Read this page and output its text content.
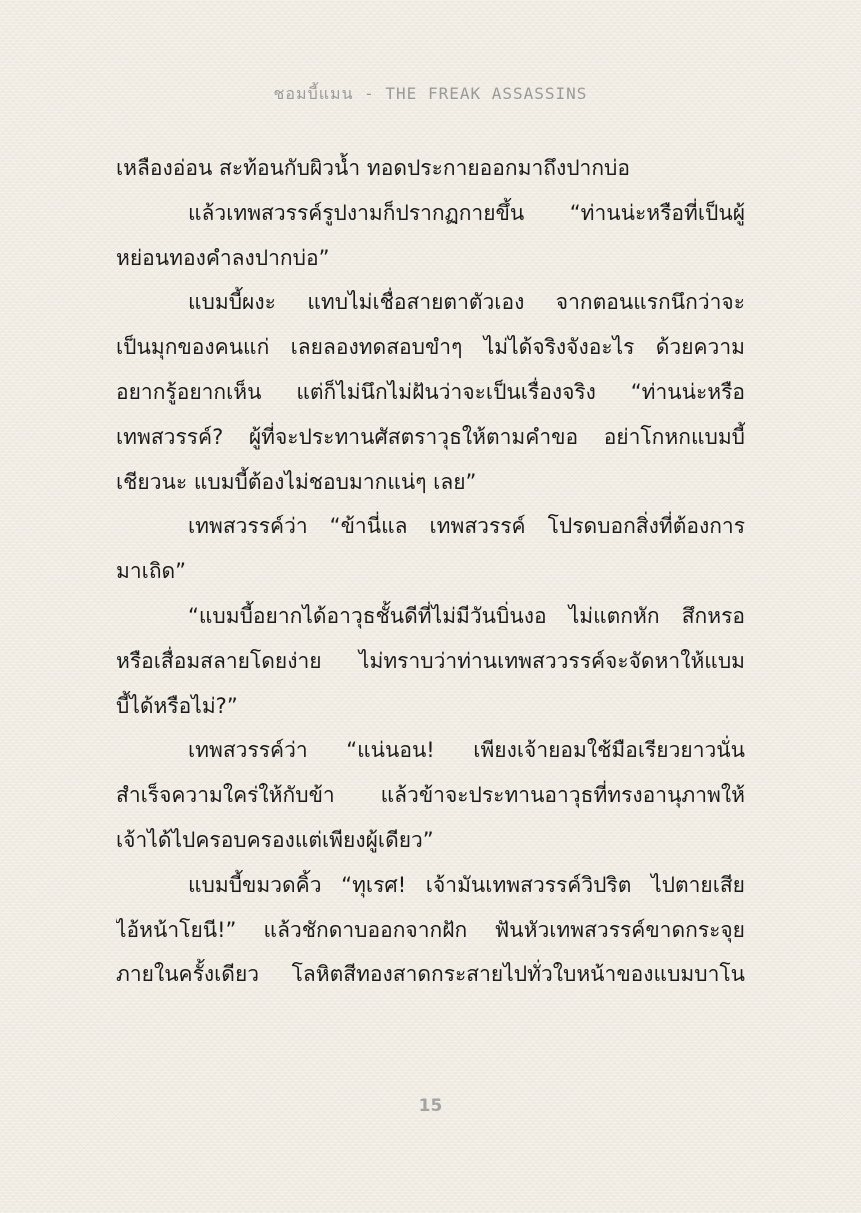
ชอมบี้แมน - THE FREAK ASSASSINS
เหลืองอ่อน สะท้อนกับผิวน้ำ ทอดประกายออกมาถึงปากบ่อ
แล้วเทพสวรรค์รูปงามก็ปรากฏกายขึ้น “ท่านน่ะหรือที่เป็นผู้
หย่อนทองคำลงปากบ่อ”
แบมบี้ผงะ แทบไม่เชื่อสายตาตัวเอง จากตอนแรกนึกว่าจะ
เป็นมุกของคนแก่ เลยลองทดสอบขำๆ ไม่ได้จริงจังอะไร ด้วยความ
อยากรู้อยากเห็น แต่ก็ไม่นึกไม่ฝันว่าจะเป็นเรื่องจริง “ท่านน่ะหรือ
เทพสวรรค์? ผู้ที่จะประทานศัสตราวุธให้ตามคำขอ อย่าโกหกแบมบี้
เชียวนะ แบมบี้ต้องไม่ชอบมากแน่ๆ เลย”
เทพสวรรค์ว่า “ข้านี่แล เทพสวรรค์ โปรดบอกสิ่งที่ต้องการ
มาเถิด”
“แบมบี้อยากได้อาวุธชั้นดีที่ไม่มีวันบิ่นงอ ไม่แตกหัก สึกหรอ
หรือเสื่อมสลายโดยง่าย ไม่ทราบว่าท่านเทพสววรรค์จะจัดหาให้แบม
บี้ได้หรือไม่?”
เทพสวรรค์ว่า “แน่นอน! เพียงเจ้ายอมใช้มือเรียวยาวนั่น
สำเร็จความใคร่ให้กับข้า แล้วข้าจะประทานอาวุธที่ทรงอานุภาพให้
เจ้าได้ไปครอบครองแต่เพียงผู้เดียว”
แบมบี้ขมวดคิ้ว “ทุเรศ! เจ้ามันเทพสวรรค์วิปริต ไปตายเสีย
ไอ้หน้าโยนี!” แล้วชักดาบออกจากฝัก ฟันหัวเทพสวรรค์ขาดกระจุย
ภายในครั้งเดียว โลหิตสีทองสาดกระสายไปทั่วใบหน้าของแบมบาโน
15
